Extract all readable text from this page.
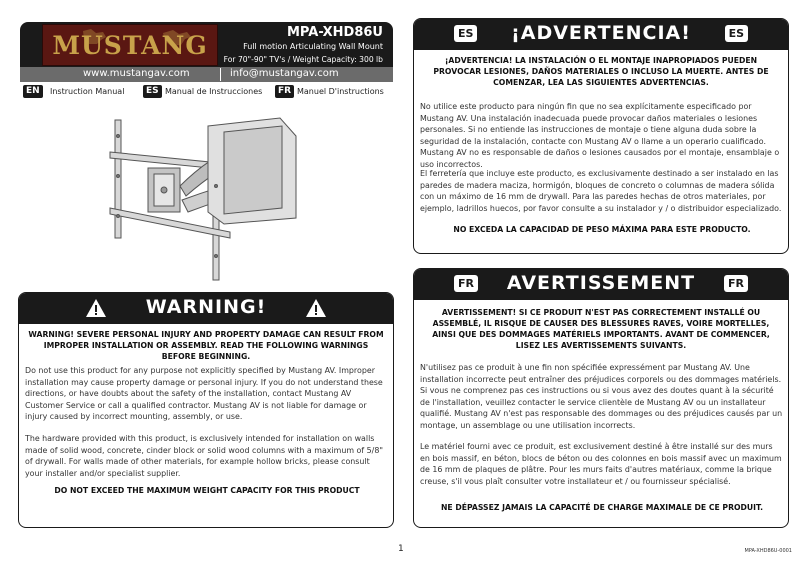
MUSTANG	MPA-XHD86U
Full motion Articulating Wall Mount
For 70"-90" TV's / Weight Capacity: 300 lb
www.mustangav.com	info@mustangav.com
EN	Instruction Manual	ES Manual de Instrucciones	FR Manuel D'instructions
WARNING!
WARNING! SEVERE PERSONAL INJURY AND PROPERTY DAMAGE CAN RESULT FROM IMPROPER INSTALLATION OR ASSEMBLY. READ THE FOLLOWING WARNINGS BEFORE BEGINNING.
Do not use this product for any purpose not explicitly specified by Mustang AV. Improper installation may cause property damage or personal injury. If you do not understand these directions, or have doubts about the safety of the installation, contact Mustang AV Customer Service or call a qualified contractor. Mustang AV is not liable for damage or injury caused by incorrect mounting, assembly, or use.
The hardware provided with this product, is exclusively intended for installation on walls made of solid wood, concrete, cinder block or solid wood columns with a maximum of 5/8" of drywall. For walls made of other materials, for example hollow bricks, please consult your installer and/or specialist supplier.
DO NOT EXCEED THE MAXIMUM WEIGHT CAPACITY FOR THIS PRODUCT
ES	¡ADVERTENCIA!	ES
¡ADVERTENCIA! LA INSTALACIÓN O EL MONTAJE INAPROPIADOS PUEDEN PROVOCAR LESIONES, DAÑOS MATERIALES O INCLUSO LA MUERTE. ANTES DE COMENZAR, LEA LAS SIGUIENTES ADVERTENCIAS.
No utilice este producto para ningún fin que no sea explícitamente especificado por Mustang AV. Una instalación inadecuada puede provocar daños materiales o lesiones personales. Si no entiende las instrucciones de montaje o tiene alguna duda sobre la seguridad de la instalación, contacte con Mustang AV o llame a un operario cualificado. Mustang AV no es responsable de daños o lesiones causados por el montaje, ensamblaje o uso incorrectos.
El ferretería que incluye este producto, es exclusivamente destinado a ser instalado en las paredes de madera maciza, hormigón, bloques de concreto o columnas de madera sólida con un máximo de 16 mm de drywall. Para las paredes hechas de otros materiales, por ejemplo, ladrillos huecos, por favor consulte a su instalador y / o distribuidor especializado.
NO EXCEDA LA CAPACIDAD DE PESO MÁXIMA PARA ESTE PRODUCTO.
FR	AVERTISSEMENT	FR
AVERTISSEMENT! SI CE PRODUIT N'EST PAS CORRECTEMENT INSTALLÉ OU ASSEMBLÉ, IL RISQUE DE CAUSER DES BLESSURES RAVES, VOIRE MORTELLES, AINSI QUE DES DOMMAGES MATÉRIELS IMPORTANTS. AVANT DE COMMENCER, LISEZ LES AVERTISSEMENTS SUIVANTS.
N'utilisez pas ce produit à une fin non spécifiée expressément par Mustang AV. Une installation incorrecte peut entraîner des préjudices corporels ou des dommages matériels. Si vous ne comprenez pas ces instructions ou si vous avez des doutes quant à la sécurité de l'installation, veuillez contacter le service clientèle de Mustang AV ou un installateur qualifié. Mustang AV n'est pas responsable des dommages ou des préjudices causés par un montage, un assemblage ou une utilisation incorrects.
Le matériel fourni avec ce produit, est exclusivement destiné à être installé sur des murs en bois massif, en béton, blocs de béton ou des colonnes en bois massif avec un maximum de 16 mm de plaques de plâtre. Pour les murs faits d'autres matériaux, comme la brique creuse, s'il vous plaît consulter votre installateur et / ou fournisseur spécialisé.
NE DÉPASSEZ JAMAIS LA CAPACITÉ DE CHARGE MAXIMALE DE CE PRODUIT.
1	MPA-XHD86U-0001
